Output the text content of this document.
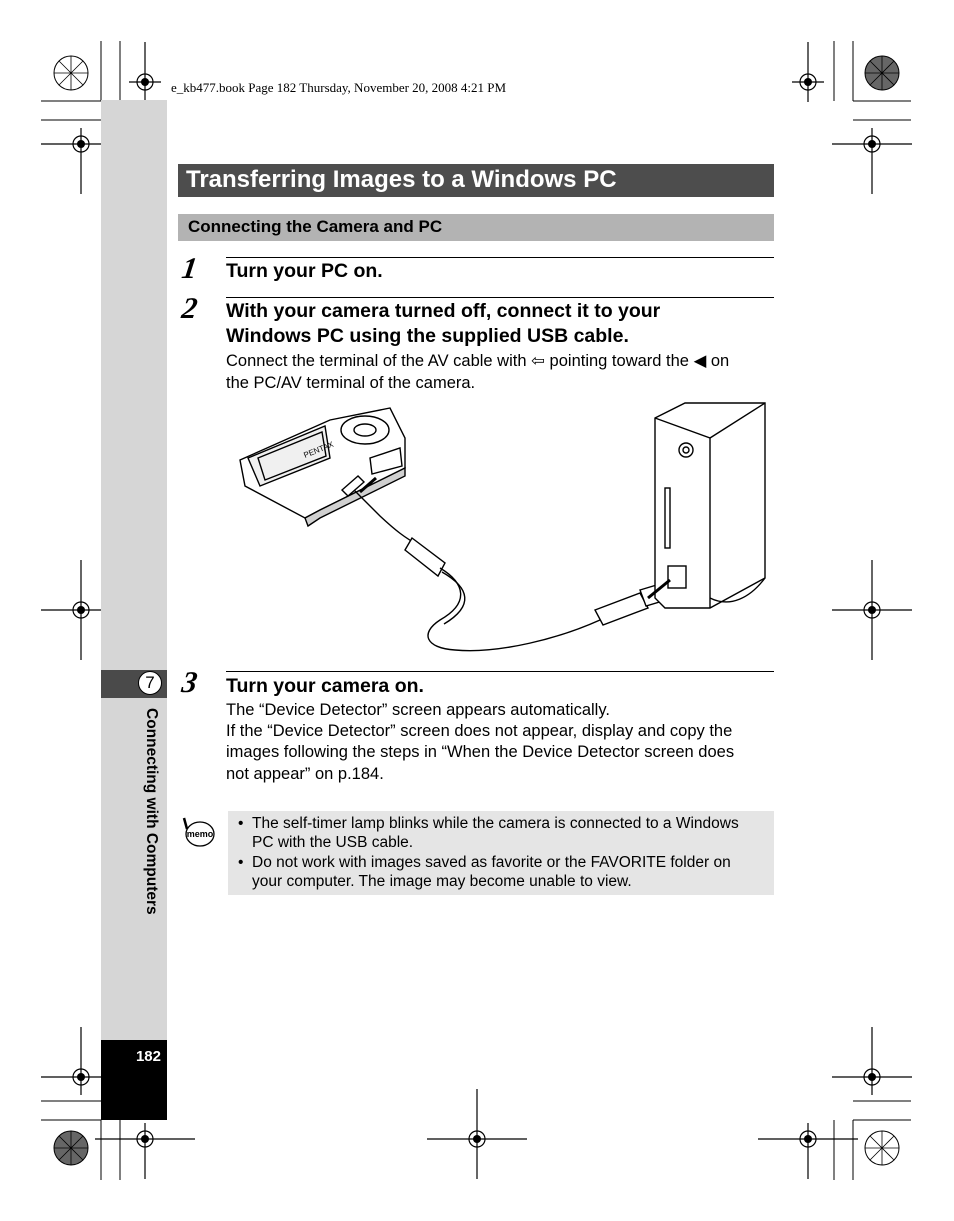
e_kb477.book Page 182 Thursday, November 20, 2008 4:21 PM
7
Connecting with Computers
182
Transferring Images to a Windows PC
Connecting the Camera and PC
1 Turn your PC on.
2 With your camera turned off, connect it to your
Windows PC using the supplied USB cable.
Connect the terminal of the AV cable with ⇦ pointing toward the ◀ on
the PC/AV terminal of the camera.
PENTAX
3 Turn your camera on.
The “Device Detector” screen appears automatically.
If the “Device Detector” screen does not appear, display and copy the
images following the steps in “When the Device Detector screen does
not appear” on p.184.
memo
• The self-timer lamp blinks while the camera is connected to a Windows
PC with the USB cable.
• Do not work with images saved as favorite or the FAVORITE folder on
your computer. The image may become unable to view.
